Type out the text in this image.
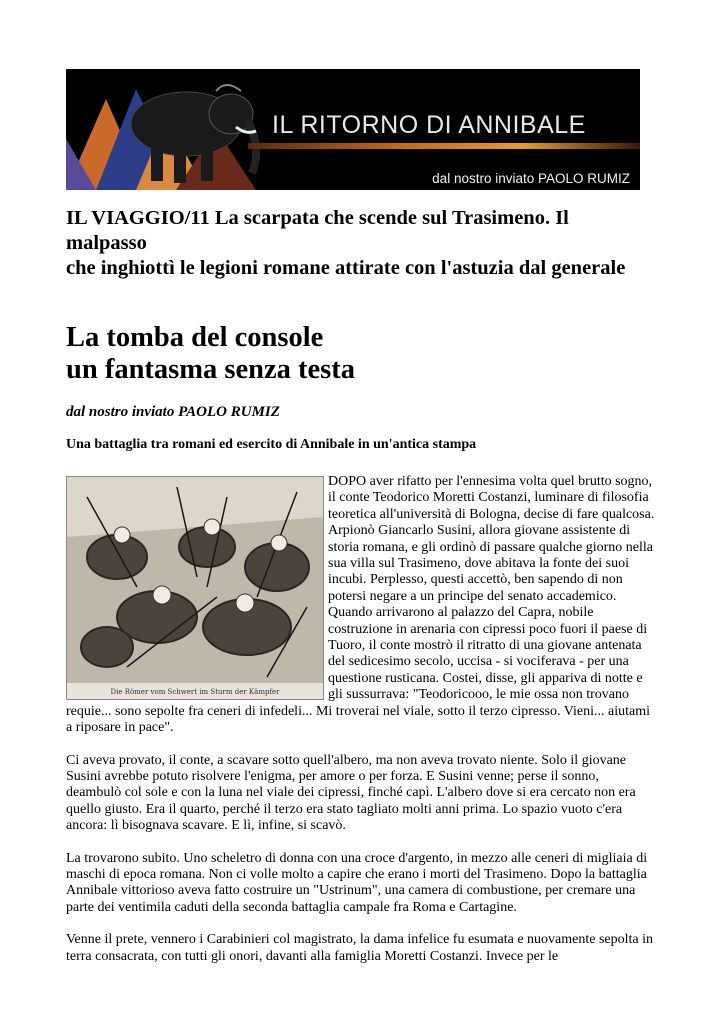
IL RITORNO DI ANNIBALE
dal nostro inviato PAOLO RUMIZ
IL VIAGGIO/11 La scarpata che scende sul Trasimeno. Il malpasso
che inghiottì le legioni romane attirate con l'astuzia dal generale
La tomba del console
un fantasma senza testa
dal nostro inviato PAOLO RUMIZ
Una battaglia tra romani ed esercito di Annibale in un'antica stampa
Die Römer vom Schwert im Sturm der Kämpfer

DOPO aver rifatto per l'ennesima volta quel brutto sogno, il conte Teodorico Moretti Costanzi, luminare di filosofia teoretica all'università di Bologna, decise di fare qualcosa. Arpionò Giancarlo Susini, allora giovane assistente di storia romana, e gli ordinò di passare qualche giorno nella sua villa sul Trasimeno, dove abitava la fonte dei suoi incubi. Perplesso, questi accettò, ben sapendo di non potersi negare a un principe del senato accademico.
Quando arrivarono al palazzo del Capra, nobile costruzione in arenaria con cipressi poco fuori il paese di Tuoro, il conte mostrò il ritratto di una giovane antenata del sedicesimo secolo, uccisa - si vociferava - per una questione rusticana. Costei, disse, gli appariva di notte e gli sussurrava: "Teodoricooo, le mie ossa non trovano requie... sono sepolte fra ceneri di infedeli... Mi troverai nel viale, sotto il terzo cipresso. Vieni... aiutami a riposare in pace".

Ci aveva provato, il conte, a scavare sotto quell'albero, ma non aveva trovato niente. Solo il giovane Susini avrebbe potuto risolvere l'enigma, per amore o per forza. E Susini venne; perse il sonno, deambulò col sole e con la luna nel viale dei cipressi, finché capì. L'albero dove si era cercato non era quello giusto. Era il quarto, perché il terzo era stato tagliato molti anni prima. Lo spazio vuoto c'era ancora: lì bisognava scavare. E lì, infine, si scavò.

La trovarono subito. Uno scheletro di donna con una croce d'argento, in mezzo alle ceneri di migliaia di maschi di epoca romana. Non ci volle molto a capire che erano i morti del Trasimeno. Dopo la battaglia Annibale vittorioso aveva fatto costruire un "Ustrinum", una camera di combustione, per cremare una parte dei ventimila caduti della seconda battaglia campale fra Roma e Cartagine.

Venne il prete, vennero i Carabinieri col magistrato, la dama infelice fu esumata e nuovamente sepolta in terra consacrata, con tutti gli onori, davanti alla famiglia Moretti Costanzi. Invece per le
